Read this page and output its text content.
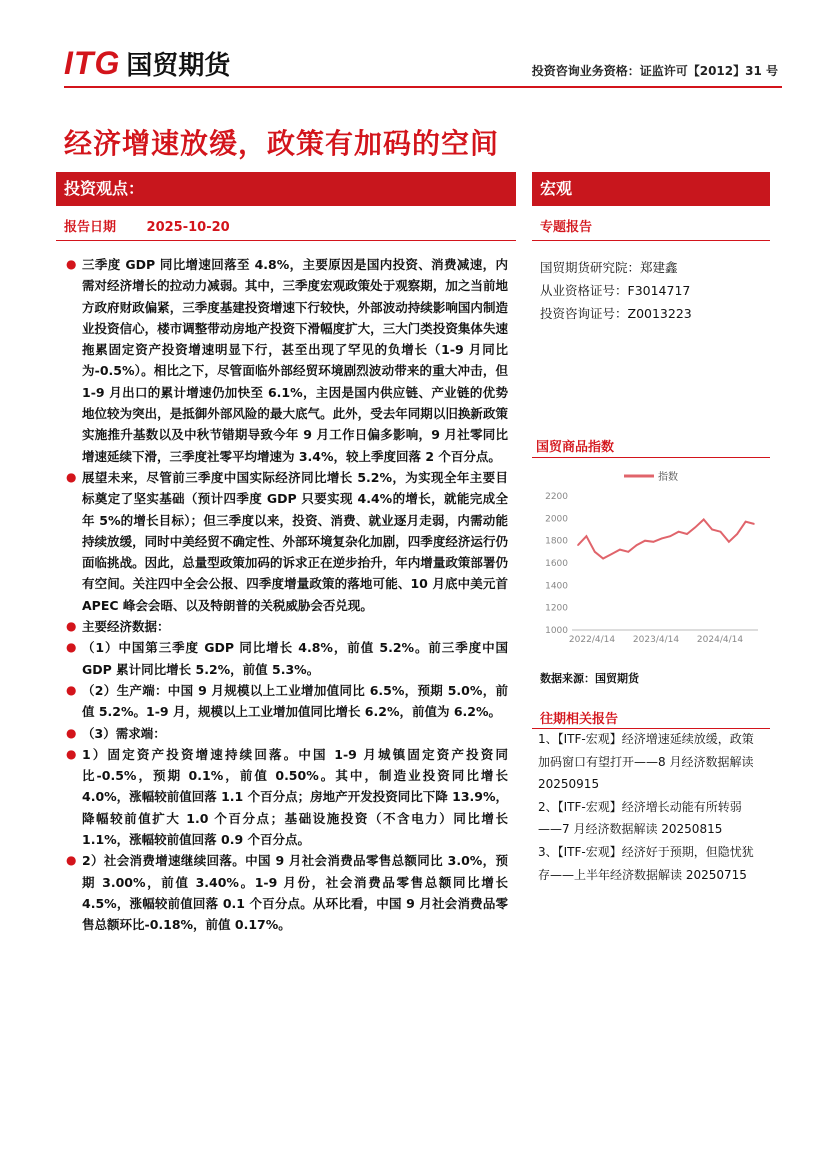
ITG 国贸期货	投资咨询业务资格：证监许可【2012】31 号
经济增速放缓，政策有加码的空间
投资观点：	宏观
报告日期 2025-10-20	专题报告
国贸期货研究院：郑建鑫
从业资格证号：F3014717
投资咨询证号：Z0013223
国贸商品指数
指数
1000
1200
1400
1600
1800
2000
2200
2022/4/14 2023/4/14 2024/4/14
数据来源：国贸期货
往期相关报告
1、【ITF-宏观】经济增速延续放缓，政策加码窗口有望打开——8 月经济数据解读 20250915
2、【ITF-宏观】经济增长动能有所转弱——7 月经济数据解读 20250815
3、【ITF-宏观】经济好于预期，但隐忧犹存——上半年经济数据解读 20250715
● 三季度 GDP 同比增速回落至 4.8%，主要原因是国内投资、消费减速，内需对经济增长的拉动力减弱。其中，三季度宏观政策处于观察期，加之当前地方政府财政偏紧，三季度基建投资增速下行较快，外部波动持续影响国内制造业投资信心，楼市调整带动房地产投资下滑幅度扩大，三大门类投资集体失速拖累固定资产投资增速明显下行，甚至出现了罕见的负增长（1-9 月同比为-0.5%）。相比之下，尽管面临外部经贸环境剧烈波动带来的重大冲击，但 1-9 月出口的累计增速仍加快至 6.1%，主因是国内供应链、产业链的优势地位较为突出，是抵御外部风险的最大底气。此外，受去年同期以旧换新政策实施推升基数以及中秋节错期导致今年 9 月工作日偏多影响，9 月社零同比增速延续下滑，三季度社零平均增速为 3.4%，较上季度回落 2 个百分点。
● 展望未来，尽管前三季度中国实际经济同比增长 5.2%，为实现全年主要目标奠定了坚实基础（预计四季度 GDP 只要实现 4.4%的增长，就能完成全年 5%的增长目标）；但三季度以来，投资、消费、就业逐月走弱，内需动能持续放缓，同时中美经贸不确定性、外部环境复杂化加剧，四季度经济运行仍面临挑战。因此，总量型政策加码的诉求正在逆步抬升，年内增量政策部署仍有空间。关注四中全会公报、四季度增量政策的落地可能、10 月底中美元首 APEC 峰会会晤、以及特朗普的关税威胁会否兑现。
● 主要经济数据：
● （1）中国第三季度 GDP 同比增长 4.8%，前值 5.2%。前三季度中国 GDP 累计同比增长 5.2%，前值 5.3%。
● （2）生产端：中国 9 月规模以上工业增加值同比 6.5%，预期 5.0%，前值 5.2%。1-9 月，规模以上工业增加值同比增长 6.2%，前值为 6.2%。
● （3）需求端：
● 1）固定资产投资增速持续回落。中国 1-9 月城镇固定资产投资同比-0.5%，预期 0.1%，前值 0.50%。其中，制造业投资同比增长 4.0%，涨幅较前值回落 1.1 个百分点；房地产开发投资同比下降 13.9%，降幅较前值扩大 1.0 个百分点；基础设施投资（不含电力）同比增长 1.1%，涨幅较前值回落 0.9 个百分点。
● 2）社会消费增速继续回落。中国 9 月社会消费品零售总额同比 3.0%，预期 3.00%，前值 3.40%。1-9 月份，社会消费品零售总额同比增长 4.5%，涨幅较前值回落 0.1 个百分点。从环比看，中国 9 月社会消费品零售总额环比-0.18%，前值 0.17%。
